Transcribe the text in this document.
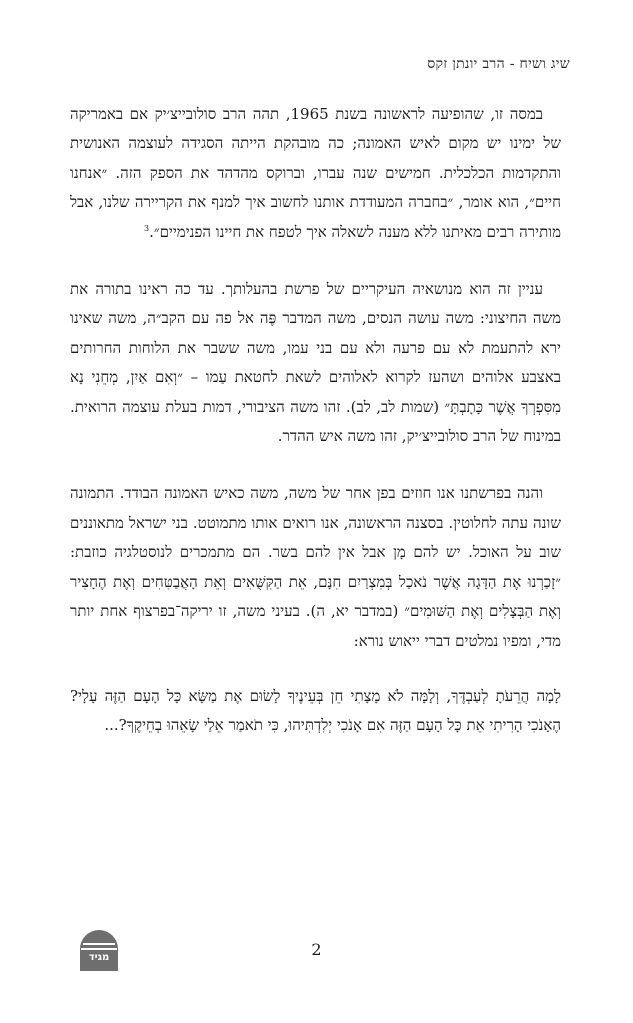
שיג ושיח - הרב יונתן זקס

במסה זו, שהופיעה לראשונה בשנת 1965, תהה הרב סולובייצ׳יק אם באמריקה של ימינו יש מקום לאיש האמונה; כה מובהקת הייתה הסגידה לעוצמה האנושית והתקדמות הכלכלית. חמישים שנה עברו, וברוקס מהדהד את הספק הזה. ״אנחנו חיים״, הוא אומר, ״בחברה המעודדת אותנו לחשוב איך למנף את הקריירה שלנו, אבל מותירה רבים מאיתנו ללא מענה לשאלה איך לטפח את חיינו הפנימיים״.$^3$

עניין זה הוא מנושאיה העיקריים של פרשת בהעלותך. עד כה ראינו בתורה את משה החיצוני: משה עושה הנסים, משה המדבר פֶּה אל פה עם הקב״ה, משה שאינו ירא להתעמת לא עם פרעה ולא עם בני עמו, משה ששבר את הלוחות החרותים באצבע אלוהים ושהעז לקרוא לאלוהים לשאת לחטאת עַמו – ״וְאִם אַיִן, מְחֵנִי נָא מִסִּפְרְךָ אֲשֶׁר כָּתָבְתָּ״ (שמות לב, לב). זהו משה הציבורי, דמות בעלת עוצמה הרואית. במינוח של הרב סולובייצ׳יק, זהו משה איש ההדר.

והנה בפרשתנו אנו חוזים בפן אחר של משה, משה כאיש האמונה הבודד. התמונה שונה עתה לחלוטין. בסצנה הראשונה, אנו רואים אותו מתמוטט. בני ישראל מתאוננים שוב על האוכל. יש להם מָן אבל אין להם בשר. הם מתמכרים לנוסטלגיה כוזבת: ״זָכַרְנוּ אֶת הַדָּגָה אֲשֶׁר נֹאכַל בְּמִצְרַיִם חִנָּם, אֵת הַקִּשֻּׁאִים וְאֵת הָאֲבַטִּחִים וְאֶת הֶחָצִיר וְאֶת הַבְּצָלִים וְאֶת הַשּׁוּמִים״ (במדבר יא, ה). בעיני משה, זו יריקה־בפרצוף אחת יותר מדי, ומפיו נמלטים דברי ייאוש נורא:

לָמָה הֲרֵעֹתָ לְעַבְדֶּךָ, וְלָמָּה לֹא מָצָתִי חֵן בְּעֵינֶיךָ לָשׂוּם אֶת מַשָּׂא כָּל הָעָם הַזֶּה עָלָי? הֶאָנֹכִי הָרִיתִי אֵת כָּל הָעָם הַזֶּה אִם אָנֹכִי יְלִדְתִּיהוּ, כִּי תֹאמַר אֵלַי שָׂאֵהוּ בְחֵיקֶךָ?...

מגיד	2
